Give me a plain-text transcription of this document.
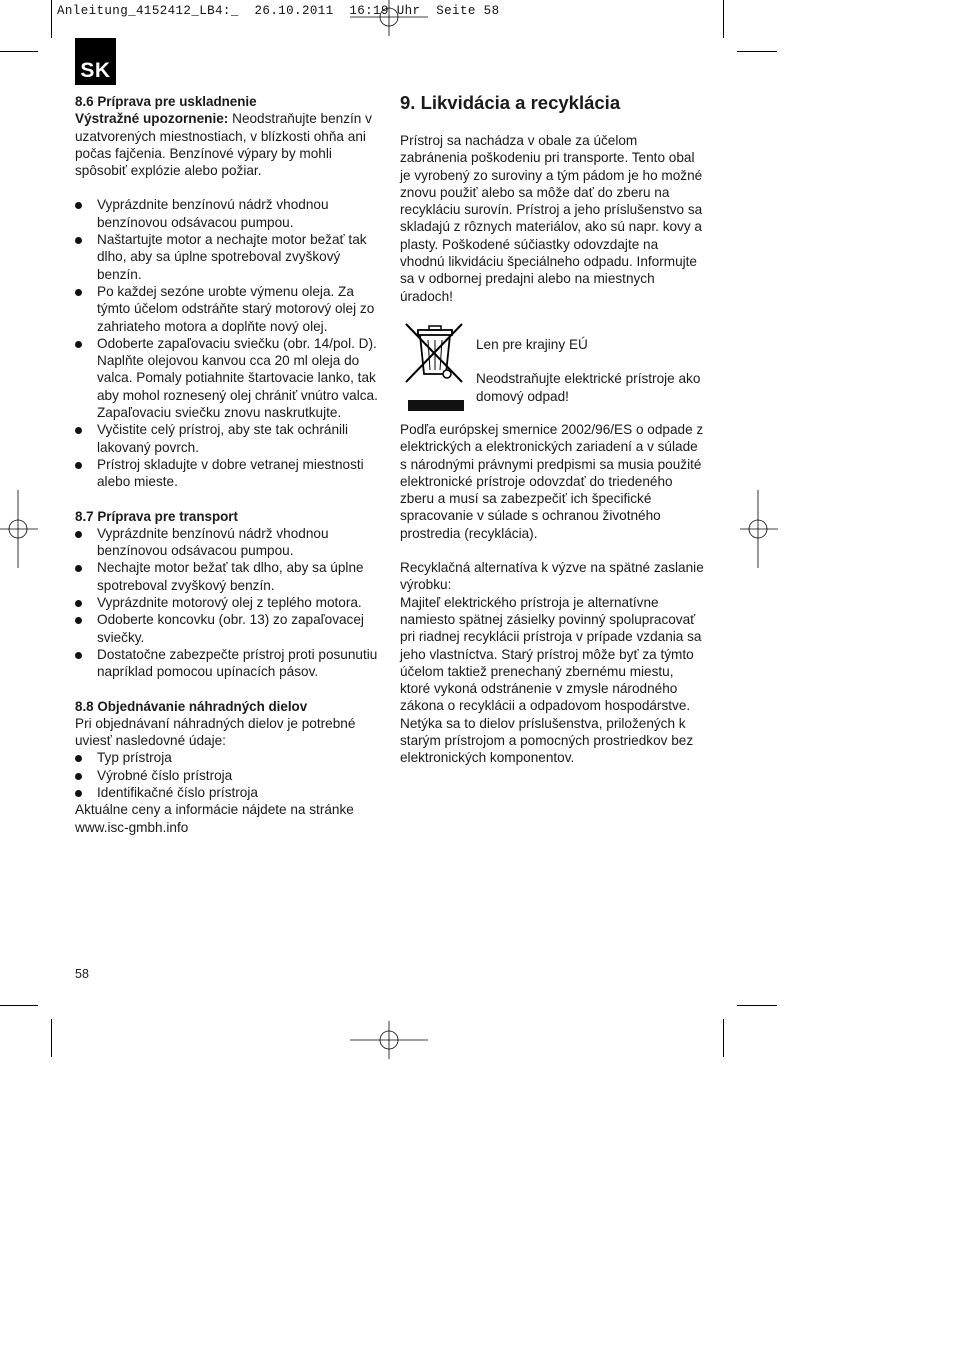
Anleitung_4152412_LB4:_  26.10.2011  16:19 Uhr  Seite 58
SK

8.6 Príprava pre uskladnenie

Výstražné upozornenie: Neodstraňujte benzín v uzatvorených miestnostiach, v blízkosti ohňa ani počas fajčenia. Benzínové výpary by mohli spôsobiť explózie alebo požiar.

Vyprázdnite benzínovú nádrž vhodnou benzínovou odsávacou pumpou.
Naštartujte motor a nechajte motor bežať tak dlho, aby sa úplne spotreboval zvyškový benzín.
Po každej sezóne urobte výmenu oleja. Za týmto účelom odstráňte starý motorový olej zo zahriateho motora a doplňte nový olej.
Odoberte zapaľovaciu sviečku (obr. 14/pol. D). Naplňte olejovou kanvou cca 20 ml oleja do valca. Pomaly potiahnite štartovacie lanko, tak aby mohol roznesený olej chrániť vnútro valca. Zapaľovaciu sviečku znovu naskrutkujte.
Vyčistite celý prístroj, aby ste tak ochránili lakovaný povrch.
Prístroj skladujte v dobre vetranej miestnosti alebo mieste.

8.7 Príprava pre transport

Vyprázdnite benzínovú nádrž vhodnou benzínovou odsávacou pumpou.
Nechajte motor bežať tak dlho, aby sa úplne spotreboval zvyškový benzín.
Vyprázdnite motorový olej z teplého motora.
Odoberte koncovku (obr. 13) zo zapaľovacej sviečky.
Dostatočne zabezpečte prístroj proti posunutiu napríklad pomocou upínacích pásov.

8.8 Objednávanie náhradných dielov

Pri objednávaní náhradných dielov je potrebné uviesť nasledovné údaje:

Typ prístroja
Výrobné číslo prístroja
Identifikačné číslo prístroja

Aktuálne ceny a informácie nájdete na stránke www.isc-gmbh.info

9. Likvidácia a recyklácia

Prístroj sa nachádza v obale za účelom zabránenia poškodeniu pri transporte. Tento obal je vyrobený zo suroviny a tým pádom je ho možné znovu použiť alebo sa môže dať do zberu na recykláciu surovín. Prístroj a jeho príslušenstvo sa skladajú z rôznych materiálov, ako sú napr. kovy a plasty. Poškodené súčiastky odovzdajte na vhodnú likvidáciu špeciálneho odpadu. Informujte sa v odbornej predajni alebo na miestnych úradoch!

Len pre krajiny EÚ

Neodstraňujte elektrické prístroje ako domový odpad!

Podľa európskej smernice 2002/96/ES o odpade z elektrických a elektronických zariadení a v súlade s národnými právnymi predpismi sa musia použité elektronické prístroje odovzdať do triedeného zberu a musí sa zabezpečiť ich špecifické spracovanie v súlade s ochranou životného prostredia (recyklácia).

Recyklačná alternatíva k výzve na spätné zaslanie výrobku:

Majiteľ elektrického prístroja je alternatívne namiesto spätnej zásielky povinný spolupracovať pri riadnej recyklácii prístroja v prípade vzdania sa jeho vlastníctva. Starý prístroj môže byť za týmto účelom taktiež prenechaný zbernému miestu, ktoré vykoná odstránenie v zmysle národného zákona o recyklácii a odpadovom hospodárstve. Netýka sa to dielov príslušenstva, priložených k starým prístrojom a pomocných prostriedkov bez elektronických komponentov.

58
